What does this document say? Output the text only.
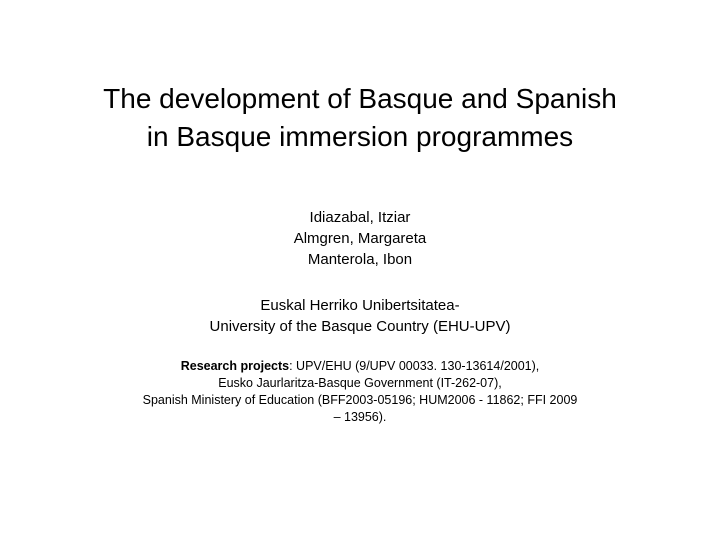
The development of Basque and Spanish
in Basque immersion programmes
Idiazabal, Itziar
Almgren, Margareta
Manterola, Ibon
Euskal Herriko Unibertsitatea-
University of the Basque Country (EHU-UPV)
Research projects: UPV/EHU (9/UPV 00033. 130-13614/2001),
Eusko Jaurlaritza-Basque Government (IT-262-07),
Spanish Ministery of Education (BFF2003-05196; HUM2006 - 11862; FFI 2009
– 13956).
